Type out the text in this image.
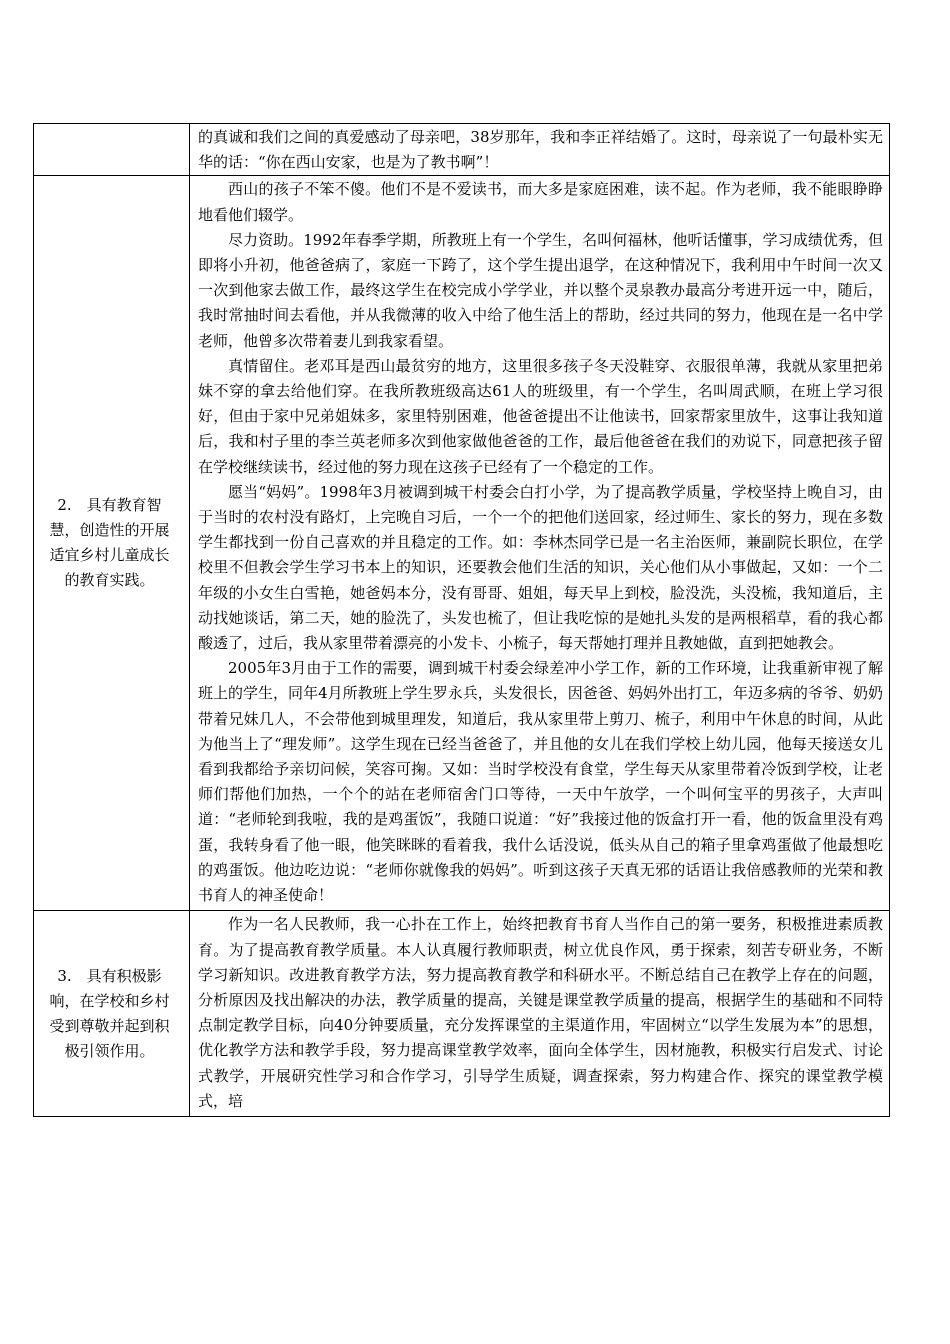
	的真诚和我们之间的真爱感动了母亲吧，38岁那年，我和李正祥结婚了。这时，母亲说了一句最朴实无华的话：“你在西山安家，也是为了教书啊”！

2.　具有教育智慧，创造性的开展适宜乡村儿童成长的教育实践。	西山的孩子不笨不傻。他们不是不爱读书，而大多是家庭困难，读不起。作为老师，我不能眼睁睁地看他们辍学。

尽力资助。1992年春季学期，所教班上有一个学生，名叫何福林，他听话懂事，学习成绩优秀，但即将小升初，他爸爸病了，家庭一下跨了，这个学生提出退学，在这种情况下，我利用中午时间一次又一次到他家去做工作，最终这学生在校完成小学学业，并以整个灵泉教办最高分考进开远一中，随后，我时常抽时间去看他，并从我微薄的收入中给了他生活上的帮助，经过共同的努力，他现在是一名中学老师，他曾多次带着妻儿到我家看望。

真情留住。老邓耳是西山最贫穷的地方，这里很多孩子冬天没鞋穿、衣服很单薄，我就从家里把弟妹不穿的拿去给他们穿。在我所教班级高达61人的班级里，有一个学生，名叫周武顺，在班上学习很好，但由于家中兄弟姐妹多，家里特别困难，他爸爸提出不让他读书，回家帮家里放牛，这事让我知道后，我和村子里的李兰英老师多次到他家做他爸爸的工作，最后他爸爸在我们的劝说下，同意把孩子留在学校继续读书，经过他的努力现在这孩子已经有了一个稳定的工作。

愿当“妈妈”。1998年3月被调到城干村委会白打小学，为了提高教学质量，学校坚持上晚自习，由于当时的农村没有路灯，上完晚自习后，一个一个的把他们送回家，经过师生、家长的努力，现在多数学生都找到一份自己喜欢的并且稳定的工作。如：李林杰同学已是一名主治医师，兼副院长职位，在学校里不但教会学生学习书本上的知识，还要教会他们生活的知识，关心他们从小事做起，又如：一个二年级的小女生白雪艳，她爸妈本分，没有哥哥、姐姐，每天早上到校，脸没洗，头没梳，我知道后，主动找她谈话，第二天，她的脸洗了，头发也梳了，但让我吃惊的是她扎头发的是两根稻草，看的我心都酸透了，过后，我从家里带着漂亮的小发卡、小梳子，每天帮她打理并且教她做，直到把她教会。

2005年3月由于工作的需要，调到城干村委会绿差冲小学工作，新的工作环境，让我重新审视了解班上的学生，同年4月所教班上学生罗永兵，头发很长，因爸爸、妈妈外出打工，年迈多病的爷爷、奶奶带着兄妹几人，不会带他到城里理发，知道后，我从家里带上剪刀、梳子，利用中午休息的时间，从此为他当上了“理发师”。这学生现在已经当爸爸了，并且他的女儿在我们学校上幼儿园，他每天接送女儿看到我都给予亲切问候，笑容可掬。又如：当时学校没有食堂，学生每天从家里带着冷饭到学校，让老师们帮他们加热，一个个的站在老师宿舍门口等待，一天中午放学，一个叫何宝平的男孩子，大声叫道：“老师轮到我啦，我的是鸡蛋饭”，我随口说道：“好”我接过他的饭盒打开一看，他的饭盒里没有鸡蛋，我转身看了他一眼，他笑眯眯的看着我，我什么话没说，低头从自己的箱子里拿鸡蛋做了他最想吃的鸡蛋饭。他边吃边说：“老师你就像我的妈妈”。听到这孩子天真无邪的话语让我倍感教师的光荣和教书育人的神圣使命！

3.　具有积极影响，在学校和乡村受到尊敬并起到积极引领作用。	作为一名人民教师，我一心扑在工作上，始终把教育书育人当作自己的第一要务，积极推进素质教育。为了提高教育教学质量。本人认真履行教师职责，树立优良作风，勇于探索，刻苦专研业务，不断学习新知识。改进教育教学方法，努力提高教育教学和科研水平。不断总结自己在教学上存在的问题，分析原因及找出解决的办法，教学质量的提高，关键是课堂教学质量的提高，根据学生的基础和不同特点制定教学目标，向40分钟要质量，充分发挥课堂的主渠道作用，牢固树立“以学生发展为本”的思想，优化教学方法和教学手段，努力提高课堂教学效率，面向全体学生，因材施教，积极实行启发式、讨论式教学，开展研究性学习和合作学习，引导学生质疑，调查探索，努力构建合作、探究的课堂教学模式，培
